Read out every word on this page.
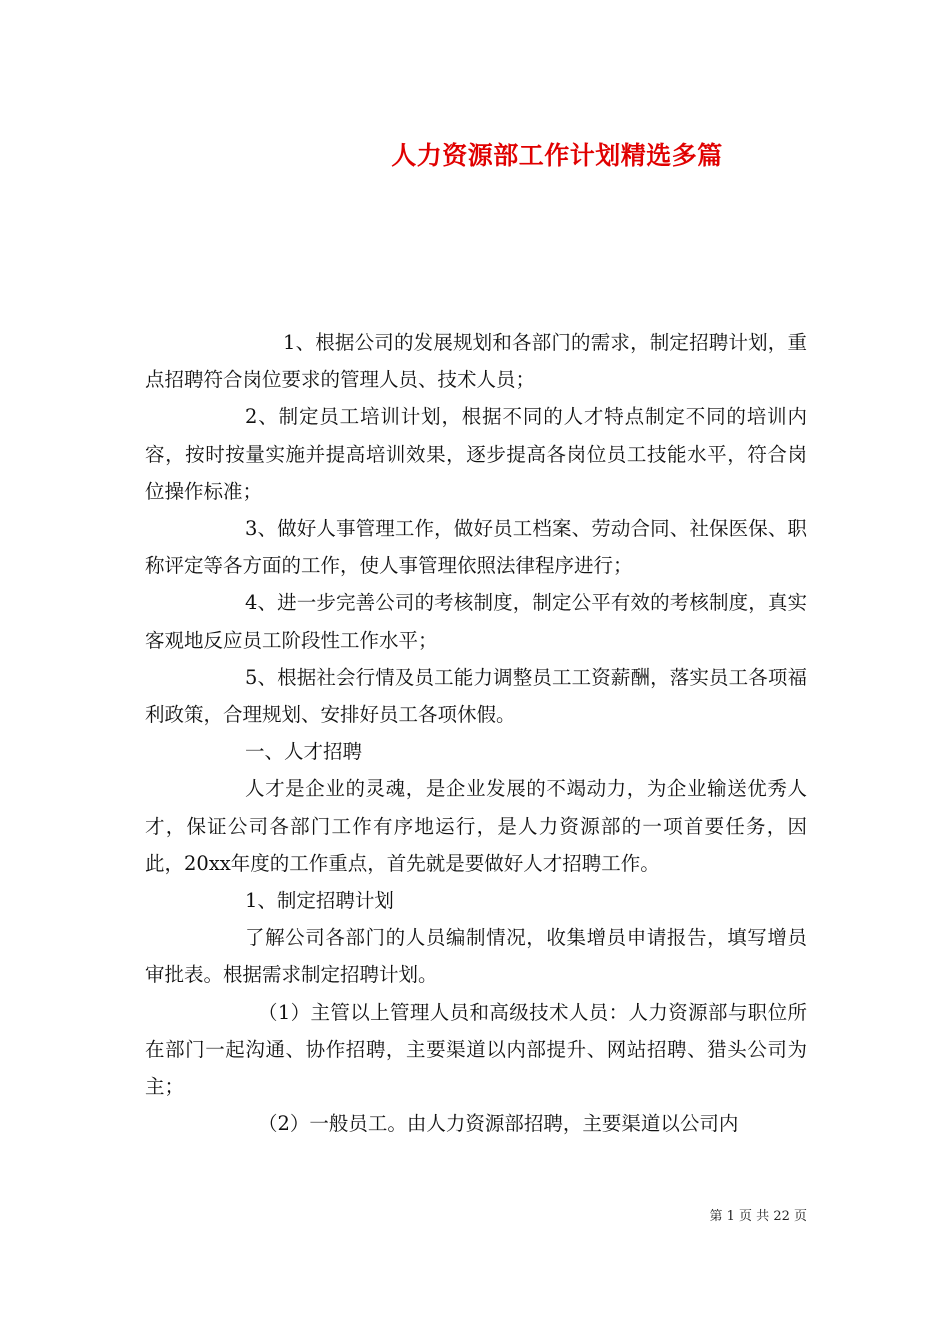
人力资源部工作计划精选多篇

1、根据公司的发展规划和各部门的需求，制定招聘计划，重点招聘符合岗位要求的管理人员、技术人员；

2、制定员工培训计划，根据不同的人才特点制定不同的培训内容，按时按量实施并提高培训效果，逐步提高各岗位员工技能水平，符合岗位操作标准；

3、做好人事管理工作，做好员工档案、劳动合同、社保医保、职称评定等各方面的工作，使人事管理依照法律程序进行；

4、进一步完善公司的考核制度，制定公平有效的考核制度，真实客观地反应员工阶段性工作水平；

5、根据社会行情及员工能力调整员工工资薪酬，落实员工各项福利政策，合理规划、安排好员工各项休假。

一、人才招聘

人才是企业的灵魂，是企业发展的不竭动力，为企业输送优秀人才，保证公司各部门工作有序地运行，是人力资源部的一项首要任务，因此，20xx年度的工作重点，首先就是要做好人才招聘工作。

1、制定招聘计划

了解公司各部门的人员编制情况，收集增员申请报告，填写增员审批表。根据需求制定招聘计划。

（1）主管以上管理人员和高级技术人员：人力资源部与职位所在部门一起沟通、协作招聘，主要渠道以内部提升、网站招聘、猎头公司为主；

（2）一般员工。由人力资源部招聘，主要渠道以公司内

第 1 页 共 22 页
